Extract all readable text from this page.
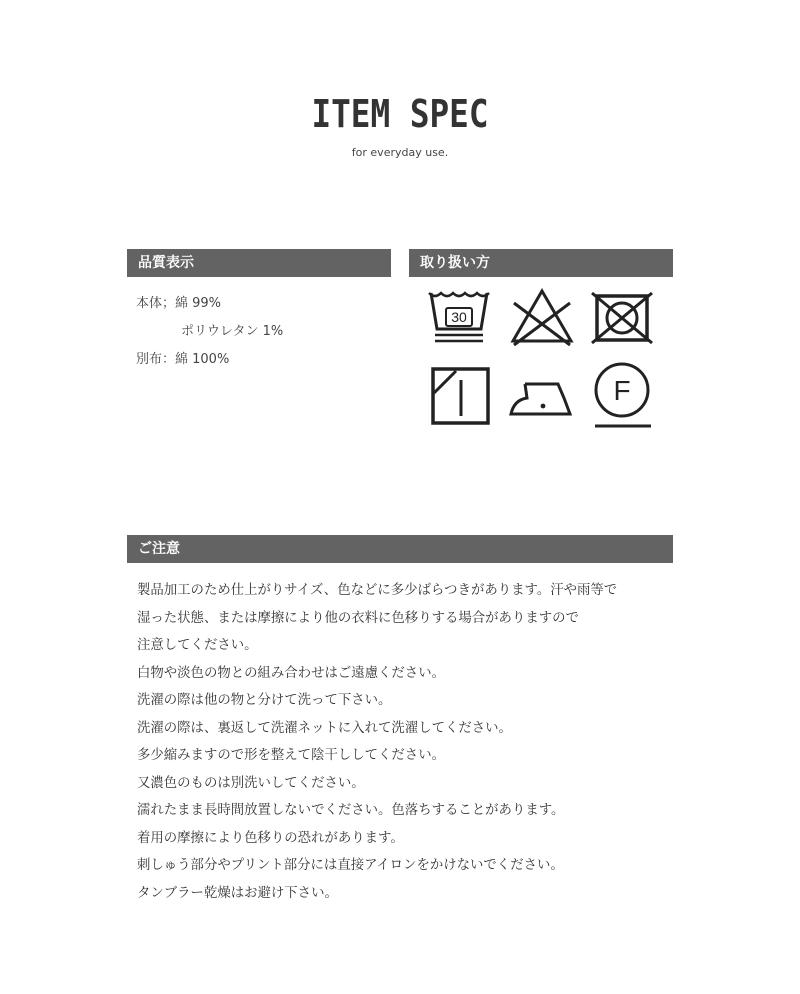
ITEM SPEC
for everyday use.
品質表示	取り扱い方
本体；綿 99%
ポリウレタン 1%
別布：綿 100%
30
F
ご注意
製品加工のため仕上がりサイズ、色などに多少ばらつきがあります。汗や雨等で
湿った状態、または摩擦により他の衣料に色移りする場合がありますので
注意してください。
白物や淡色の物との組み合わせはご遠慮ください。
洗濯の際は他の物と分けて洗って下さい。
洗濯の際は、裏返して洗濯ネットに入れて洗濯してください。
多少縮みますので形を整えて陰干ししてください。
又濃色のものは別洗いしてください。
濡れたまま長時間放置しないでください。色落ちすることがあります。
着用の摩擦により色移りの恐れがあります。
刺しゅう部分やプリント部分には直接アイロンをかけないでください。
タンブラー乾燥はお避け下さい。
